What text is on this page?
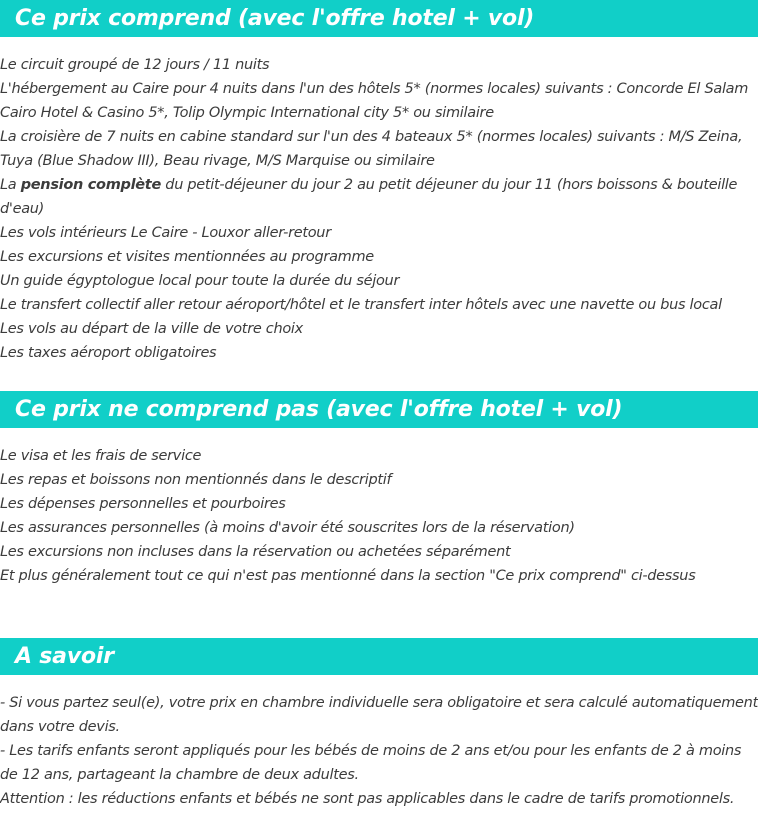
Ce prix comprend (avec l'offre hotel + vol)
Le circuit groupé de 12 jours / 11 nuits
L'hébergement au Caire pour 4 nuits dans l'un des hôtels 5* (normes locales) suivants : Concorde El Salam Cairo Hotel & Casino 5*, Tolip Olympic International city 5* ou similaire
La croisière de 7 nuits en cabine standard sur l'un des 4 bateaux 5* (normes locales) suivants : M/S Zeina, Tuya (Blue Shadow III), Beau rivage, M/S Marquise ou similaire
La pension complète du petit-déjeuner du jour 2 au petit déjeuner du jour 11 (hors boissons & bouteille d'eau)
Les vols intérieurs Le Caire - Louxor aller-retour
Les excursions et visites mentionnées au programme
Un guide égyptologue local pour toute la durée du séjour
Le transfert collectif aller retour aéroport/hôtel et le transfert inter hôtels avec une navette ou bus local
Les vols au départ de la ville de votre choix
Les taxes aéroport obligatoires
Ce prix ne comprend pas (avec l'offre hotel + vol)
Le visa et les frais de service
Les repas et boissons non mentionnés dans le descriptif
Les dépenses personnelles et pourboires
Les assurances personnelles (à moins d'avoir été souscrites lors de la réservation)
Les excursions non incluses dans la réservation ou achetées séparément
Et plus généralement tout ce qui n'est pas mentionné dans la section "Ce prix comprend" ci-dessus
A savoir
- Si vous partez seul(e), votre prix en chambre individuelle sera obligatoire et sera calculé automatiquement dans votre devis.
- Les tarifs enfants seront appliqués pour les bébés de moins de 2 ans et/ou pour les enfants de 2 à moins de 12 ans, partageant la chambre de deux adultes.
Attention : les réductions enfants et bébés ne sont pas applicables dans le cadre de tarifs promotionnels.
